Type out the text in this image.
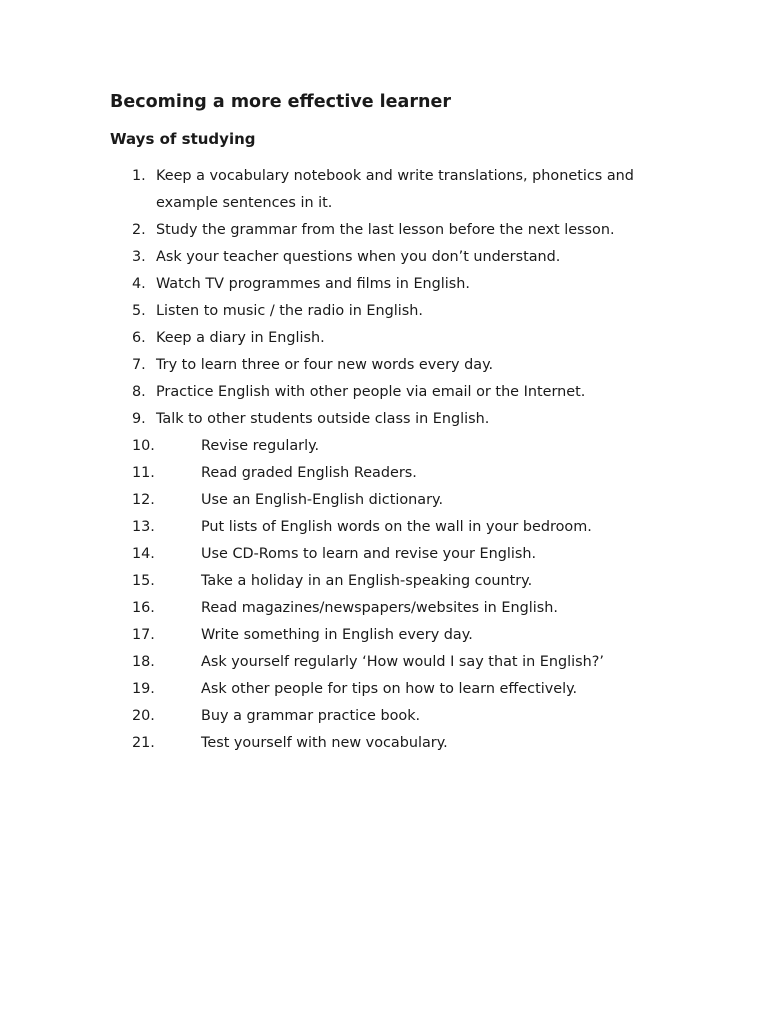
Becoming a more effective learner
Ways of studying
1. Keep a vocabulary notebook and write translations, phonetics and example sentences in it.
2. Study the grammar from the last lesson before the next lesson.
3. Ask your teacher questions when you don’t understand.
4. Watch TV programmes and films in English.
5. Listen to music / the radio in English.
6. Keep a diary in English.
7. Try to learn three or four new words every day.
8. Practice English with other people via email or the Internet.
9. Talk to other students outside class in English.
10.	Revise regularly.
11.	Read graded English Readers.
12.	Use an English-English dictionary.
13.	Put lists of English words on the wall in your bedroom.
14.	Use CD-Roms to learn and revise your English.
15.	Take a holiday in an English-speaking country.
16.	Read magazines/newspapers/websites in English.
17.	Write something in English every day.
18.	Ask yourself regularly ‘How would I say that in English?’
19.	Ask other people for tips on how to learn effectively.
20.	Buy a grammar practice book.
21.	Test yourself with new vocabulary.
